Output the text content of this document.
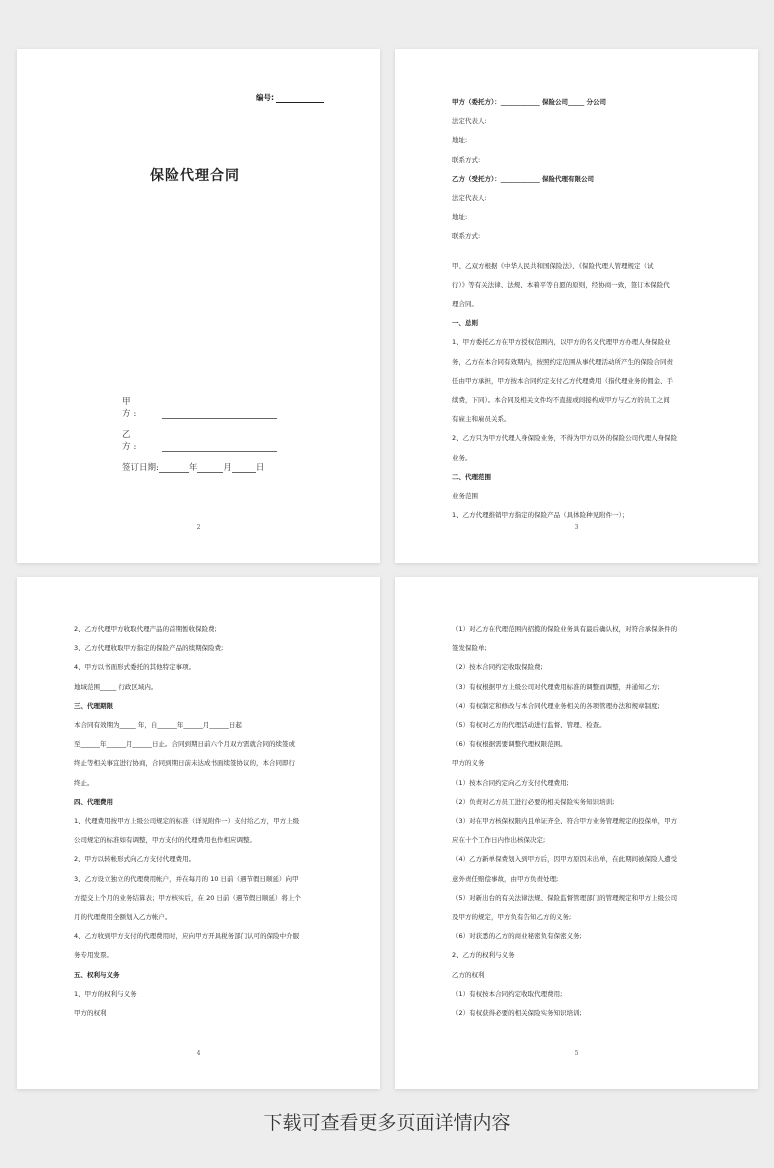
编号:
保险代理合同
甲　方:
乙　方:
签订日期:	年	月	日
2
甲方（委托方）：____________ 保险公司_____ 分公司
法定代表人:
地址:
联系方式:
乙方（受托方）：____________ 保险代理有限公司
法定代表人:
地址:
联系方式:
甲、乙双方根据《中华人民共和国保险法》、《保险代理人管理规定（试
行）》等有关法律、法规、本着平等自愿的原则，经协商一致，签订本保险代
理合同。
一、总则
1、甲方委托乙方在甲方授权范围内，以甲方的名义代理甲方办理人身保险业
务，乙方在本合同有效期内，按照约定范围从事代理活动所产生的保险合同责
任由甲方承担，甲方按本合同约定支付乙方代理费用（指代理业务的佣金、手
续费，下同）。本合同及相关文件均不直接或间接构成甲方与乙方的员工之间
有雇主和雇员关系。
2、乙方只为甲方代理人身保险业务，不得为甲方以外的保险公司代理人身保险
业务。
二、代理范围
业务范围
1、乙方代理推销甲方指定的保险产品（具体险种见附件一）；
3
2、乙方代理甲方收取代理产品的首期暂收保险费;
3、乙方代理收取甲方指定的保险产品的续期保险费;
4、甲方以书面形式委托的其他特定事项。
地域范围_____ 行政区域内。
三、代理期限
本合同有效期为_____ 年，自______年______月______日起
至______年______月______日止。合同到期日前六个月双方需就合同的续签或
终止等相关事宜进行协商，合同到期日前未达成书面续签协议的，本合同即行
终止。
四、代理费用
1、代理费用按甲方上级公司规定的标准（详见附件一）支付给乙方，甲方上级
公司规定的标准如有调整，甲方支付的代理费用也作相应调整。
2、甲方以转帐形式向乙方支付代理费用。
3、乙方设立独立的代理费用帐户，并在每月的 10 日前（遇节假日顺延）向甲
方提交上个月的业务结算表；甲方核实后，在 20 日前（遇节假日顺延）将上个
月的代理费用全额划入乙方帐户。
4、乙方收到甲方支付的代理费用时，应向甲方开具税务部门认可的保险中介服
务专用发票。
五、权利与义务
1、甲方的权利与义务
甲方的权利
4
（1）对乙方在代理范围内招揽的保险业务具有最后确认权，对符合承保条件的
签发保险单;
（2）按本合同约定收取保险费;
（3）有权根据甲方上级公司对代理费用标准的调整而调整，并通知乙方;
（4）有权制定和修改与本合同代理业务相关的各项管理办法和规章制度;
（5）有权对乙方的代理活动进行监督、管理、检查。
（6）有权根据需要调整代理权限范围。
甲方的义务
（1）按本合同约定向乙方支付代理费用;
（2）负责对乙方员工进行必要的相关保险实务知识培训;
（3）对在甲方核保权限内且单证齐全、符合甲方业务管理规定的投保单，甲方
应在十个工作日内作出核保决定;
（4）乙方新单保费划入到甲方后，因甲方原因未出单，在此期间被保险人遭受
意外责任赔偿事故，由甲方负责处理;
（5）对新出台的有关法律法规、保险监督管理部门的管理规定和甲方上级公司
及甲方的规定，甲方负有告知乙方的义务;
（6）对获悉的乙方的商业秘密负有保密义务;
2、乙方的权利与义务
乙方的权利
（1）有权按本合同约定收取代理费用;
（2）有权获得必要的相关保险实务知识培训;
5
下载可查看更多页面详情内容
